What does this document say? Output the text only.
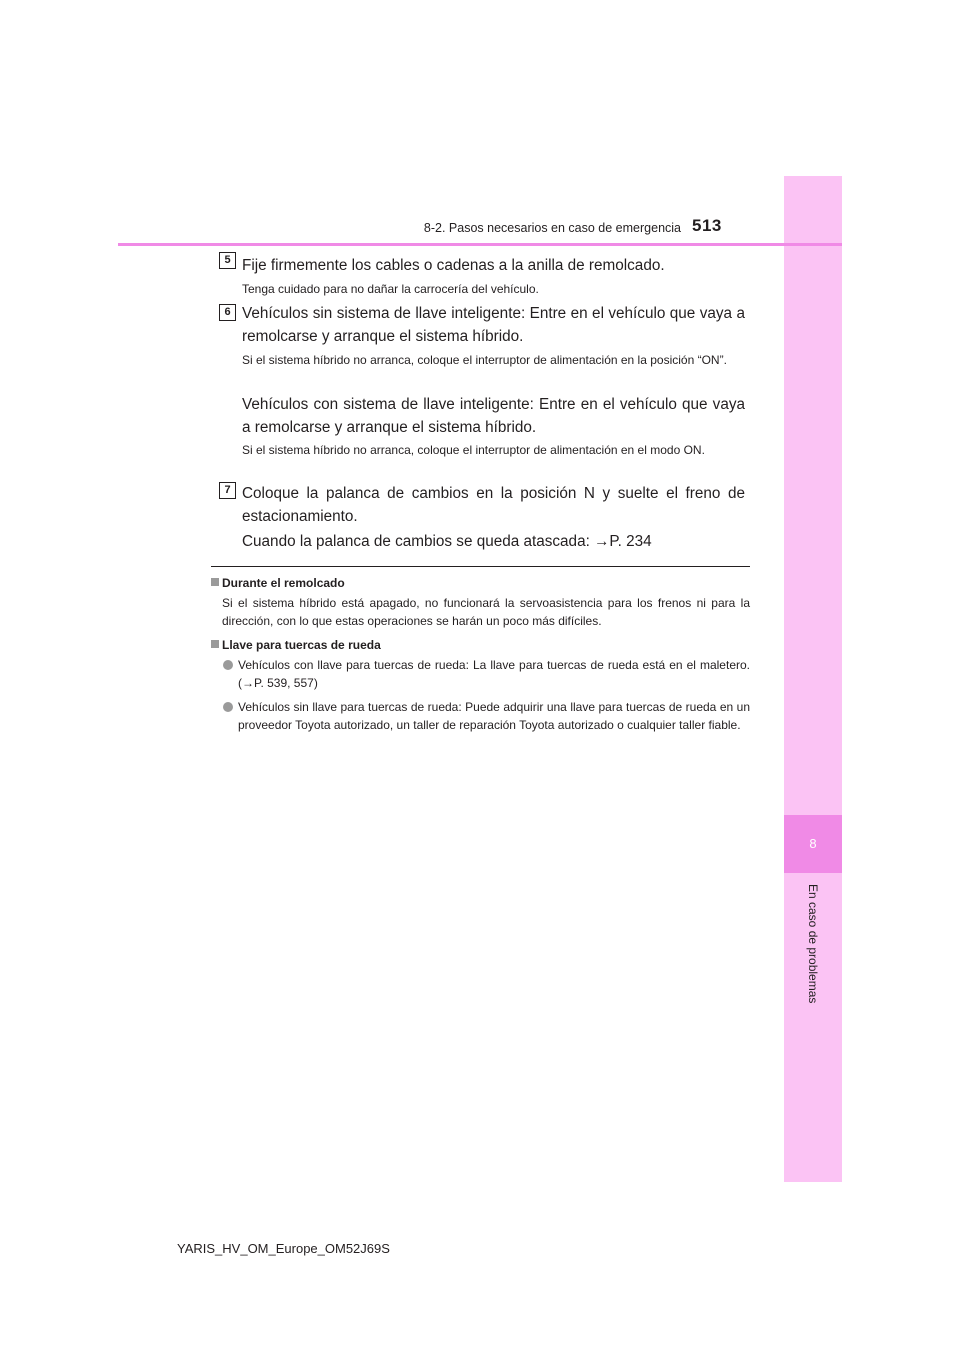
8
En caso de problemas
8-2. Pasos necesarios en caso de emergencia 513
5 Fije firmemente los cables o cadenas a la anilla de remolcado.
Tenga cuidado para no dañar la carrocería del vehículo.
6 Vehículos sin sistema de llave inteligente: Entre en el vehículo que vaya a remolcarse y arranque el sistema híbrido.
Si el sistema híbrido no arranca, coloque el interruptor de alimentación en la posición “ON”.
Vehículos con sistema de llave inteligente: Entre en el vehículo que vaya a remolcarse y arranque el sistema híbrido.
Si el sistema híbrido no arranca, coloque el interruptor de alimentación en el modo ON.
7 Coloque la palanca de cambios en la posición N y suelte el freno de estacionamiento.
Cuando la palanca de cambios se queda atascada: →P. 234
Durante el remolcado
Si el sistema híbrido está apagado, no funcionará la servoasistencia para los frenos ni para la dirección, con lo que estas operaciones se harán un poco más difíciles.
Llave para tuercas de rueda
Vehículos con llave para tuercas de rueda: La llave para tuercas de rueda está en el maletero. (→P. 539, 557)
Vehículos sin llave para tuercas de rueda: Puede adquirir una llave para tuercas de rueda en un proveedor Toyota autorizado, un taller de reparación Toyota autorizado o cualquier taller fiable.
YARIS_HV_OM_Europe_OM52J69S
